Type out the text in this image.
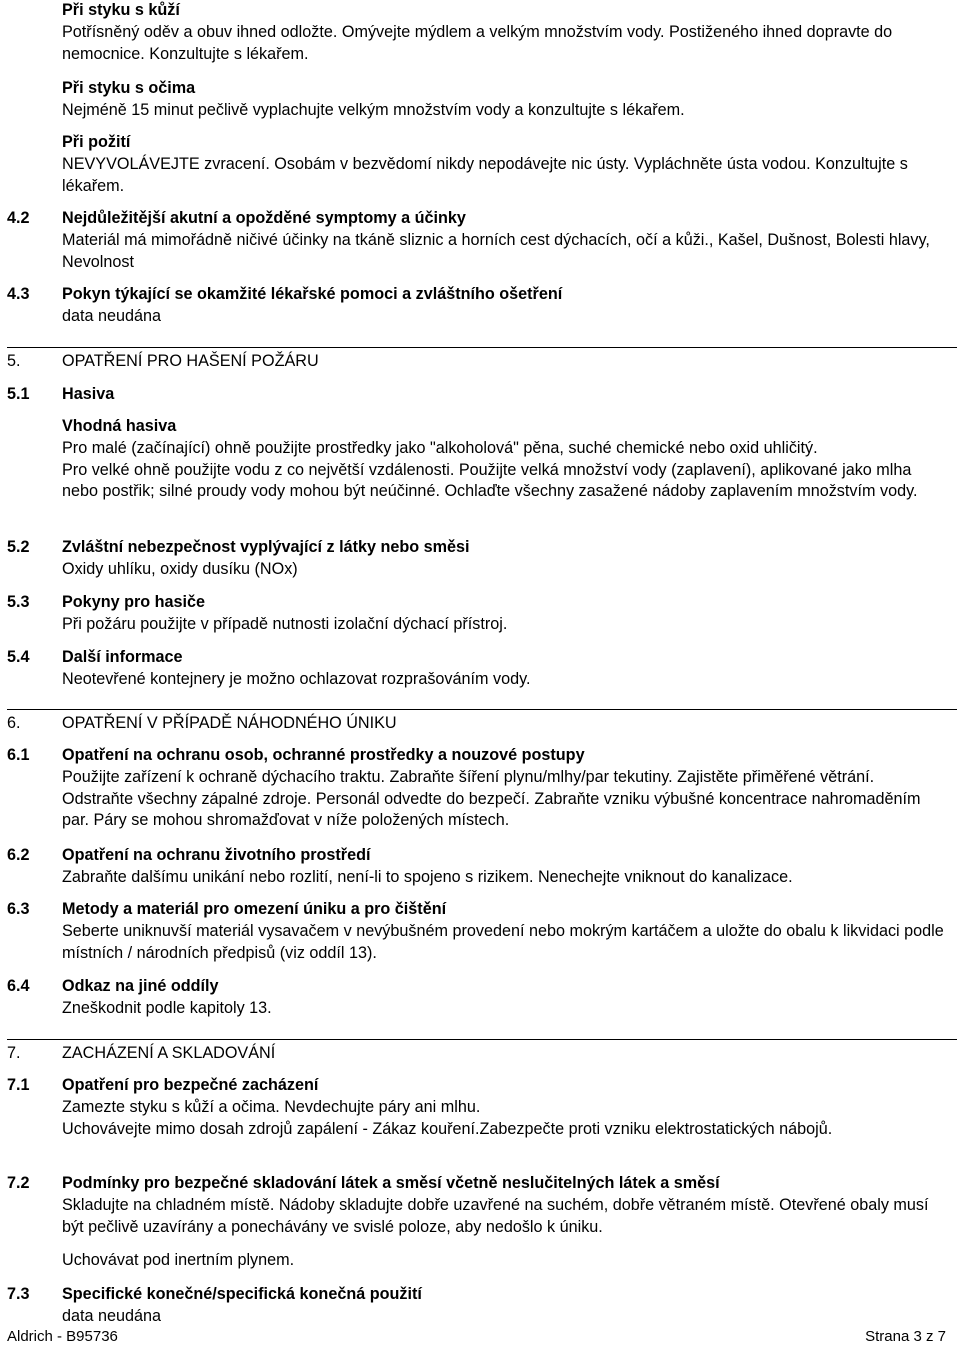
Při styku s kůží

Potřísněný oděv a obuv ihned odložte. Omývejte mýdlem a velkým množstvím vody. Postiženého ihned dopravte do nemocnice. Konzultujte s lékařem.

Při styku s očima

Nejméně 15 minut pečlivě vyplachujte velkým množstvím vody a konzultujte s lékařem.

Při požití

NEVYVOLÁVEJTE zvracení. Osobám v bezvědomí nikdy nepodávejte nic ústy. Vypláchněte ústa vodou. Konzultujte s lékařem.

4.2 Nejdůležitější akutní a opožděné symptomy a účinky

Materiál má mimořádně ničivé účinky na tkáně sliznic a horních cest dýchacích, očí a kůži., Kašel, Dušnost, Bolesti hlavy, Nevolnost

4.3 Pokyn týkající se okamžité lékařské pomoci a zvláštního ošetření

data neudána

5.	OPATŘENÍ PRO HAŠENÍ POŽÁRU
5.1 Hasiva

Vhodná hasiva

Pro malé (začínající) ohně použijte prostředky jako "alkoholová" pěna, suché chemické nebo oxid uhličitý.

Pro velké ohně použijte vodu z co největší vzdálenosti. Použijte velká množství vody (zaplavení), aplikované jako mlha nebo postřik; silné proudy vody mohou být neúčinné. Ochlaďte všechny zasažené nádoby zaplavením množstvím vody.

5.2 Zvláštní nebezpečnost vyplývající z látky nebo směsi

Oxidy uhlíku, oxidy dusíku (NOx)

5.3 Pokyny pro hasiče

Při požáru použijte v případě nutnosti izolační dýchací přístroj.

5.4 Další informace

Neotevřené kontejnery je možno ochlazovat rozprašováním vody.

6.	OPATŘENÍ V PŘÍPADĚ NÁHODNÉHO ÚNIKU
6.1 Opatření na ochranu osob, ochranné prostředky a nouzové postupy

Použijte zařízení k ochraně dýchacího traktu. Zabraňte šíření plynu/mlhy/par tekutiny. Zajistěte přiměřené větrání. Odstraňte všechny zápalné zdroje. Personál odvedte do bezpečí. Zabraňte vzniku výbušné koncentrace nahromaděním par. Páry se mohou shromažďovat v níže položených místech.

6.2 Opatření na ochranu životního prostředí

Zabraňte dalšímu unikání nebo rozlití, není-li to spojeno s rizikem. Nenechejte vniknout do kanalizace.

6.3 Metody a materiál pro omezení úniku a pro čištění

Seberte uniknuvší materiál vysavačem v nevýbušném provedení nebo mokrým kartáčem a uložte do obalu k likvidaci podle místních / národních předpisů (viz oddíl 13).

6.4 Odkaz na jiné oddíly

Zneškodnit podle kapitoly 13.

7.	ZACHÁZENÍ A SKLADOVÁNÍ
7.1 Opatření pro bezpečné zacházení

Zamezte styku s kůží a očima. Nevdechujte páry ani mlhu.

Uchovávejte mimo dosah zdrojů zapálení - Zákaz kouření.Zabezpečte proti vzniku elektrostatických nábojů.

7.2 Podmínky pro bezpečné skladování látek a směsí včetně neslučitelných látek a směsí

Skladujte na chladném místě. Nádoby skladujte dobře uzavřené na suchém, dobře větraném místě. Otevřené obaly musí být pečlivě uzavírány a ponechávány ve svislé poloze, aby nedošlo k úniku.

Uchovávat pod inertním plynem.

7.3 Specifické konečné/specifická konečná použití

data neudána

Aldrich - B95736	Strana 3 z 7
